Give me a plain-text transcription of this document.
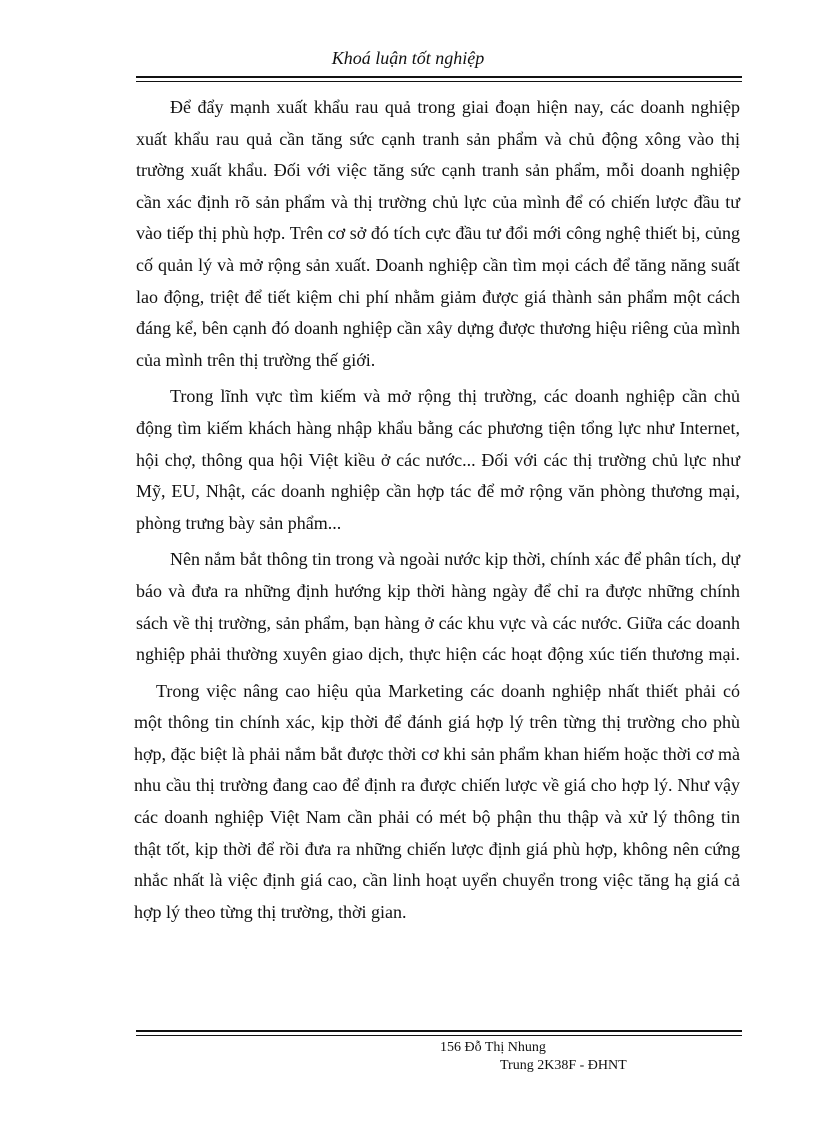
Khoá luận tốt nghiệp

Để đẩy mạnh xuất khẩu rau quả trong giai đoạn hiện nay, các doanh nghiệp xuất khẩu rau quả cần tăng sức cạnh tranh sản phẩm và chủ động xông vào thị trường xuất khẩu. Đối với việc tăng sức cạnh tranh sản phẩm, mỗi doanh nghiệp cần xác định rõ sản phẩm và thị trường chủ lực của mình để có chiến lược đầu tư vào tiếp thị phù hợp. Trên cơ sở đó tích cực đầu tư đổi mới công nghệ thiết bị, củng cố quản lý và mở rộng sản xuất. Doanh nghiệp cần tìm mọi cách để tăng năng suất lao động, triệt để tiết kiệm chi phí nhằm giảm được giá thành sản phẩm một cách đáng kể, bên cạnh đó doanh nghiệp cần xây dựng được thương hiệu riêng của mình của mình trên thị trường thế giới.

Trong lĩnh vực tìm kiếm và mở rộng thị trường, các doanh nghiệp cần chủ động tìm kiếm khách hàng nhập khẩu bằng các phương tiện tổng lực như Internet, hội chợ, thông qua hội Việt kiều ở các nước... Đối với các thị trường chủ lực như Mỹ, EU, Nhật, các doanh nghiệp cần hợp tác để mở rộng văn phòng thương mại, phòng trưng bày sản phẩm...

Nên nắm bắt thông tin trong và ngoài nước kịp thời, chính xác để phân tích, dự báo và đưa ra những định hướng kịp thời hàng ngày để chỉ ra được những chính sách về thị trường, sản phẩm, bạn hàng ở các khu vực và các nước. Giữa các doanh nghiệp phải thường xuyên giao dịch, thực hiện các hoạt động xúc tiến thương mại.

Trong việc nâng cao hiệu qủa Marketing các doanh nghiệp nhất thiết phải có một thông tin chính xác, kịp thời để đánh giá hợp lý trên từng thị trường cho phù hợp, đặc biệt là phải nắm bắt được thời cơ khi sản phẩm khan hiếm hoặc thời cơ mà nhu cầu thị trường đang cao để định ra được chiến lược về giá cho hợp lý. Như vậy các doanh nghiệp Việt Nam cần phải có mét bộ phận thu thập và xử lý thông tin thật tốt, kịp thời để rồi đưa ra những chiến lược định giá phù hợp, không nên cứng nhắc nhất là việc định giá cao, cần linh hoạt uyển chuyển trong việc tăng hạ giá cả hợp lý theo từng thị trường, thời gian.

156 Đỗ Thị Nhung
Trung 2K38F - ĐHNT
